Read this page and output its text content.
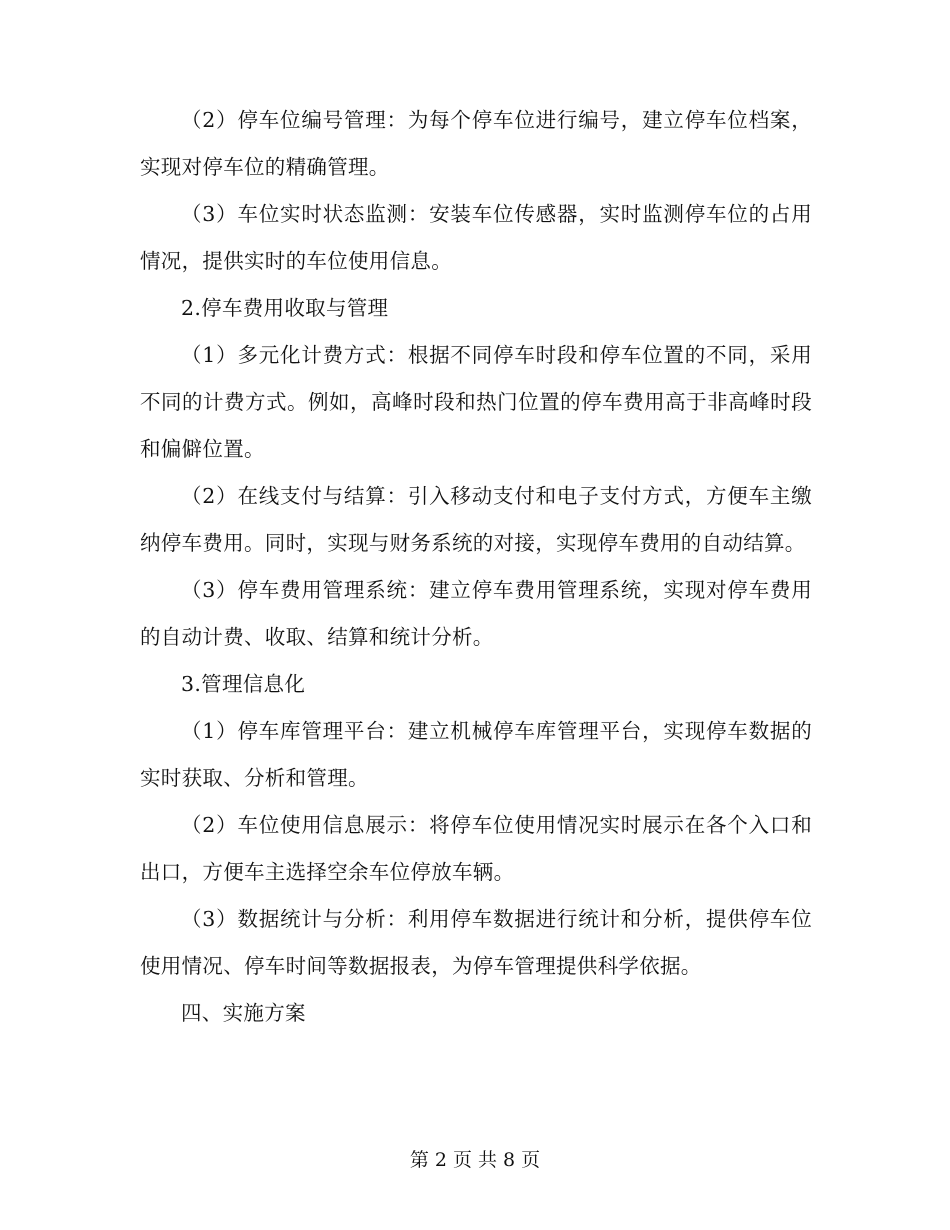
（2）停车位编号管理：为每个停车位进行编号，建立停车位档案，实现对停车位的精确管理。

（3）车位实时状态监测：安装车位传感器，实时监测停车位的占用情况，提供实时的车位使用信息。

2.停车费用收取与管理

（1）多元化计费方式：根据不同停车时段和停车位置的不同，采用不同的计费方式。例如，高峰时段和热门位置的停车费用高于非高峰时段和偏僻位置。

（2）在线支付与结算：引入移动支付和电子支付方式，方便车主缴纳停车费用。同时，实现与财务系统的对接，实现停车费用的自动结算。

（3）停车费用管理系统：建立停车费用管理系统，实现对停车费用的自动计费、收取、结算和统计分析。

3.管理信息化

（1）停车库管理平台：建立机械停车库管理平台，实现停车数据的实时获取、分析和管理。

（2）车位使用信息展示：将停车位使用情况实时展示在各个入口和出口，方便车主选择空余车位停放车辆。

（3）数据统计与分析：利用停车数据进行统计和分析，提供停车位使用情况、停车时间等数据报表，为停车管理提供科学依据。

四、实施方案

第 2 页 共 8 页
